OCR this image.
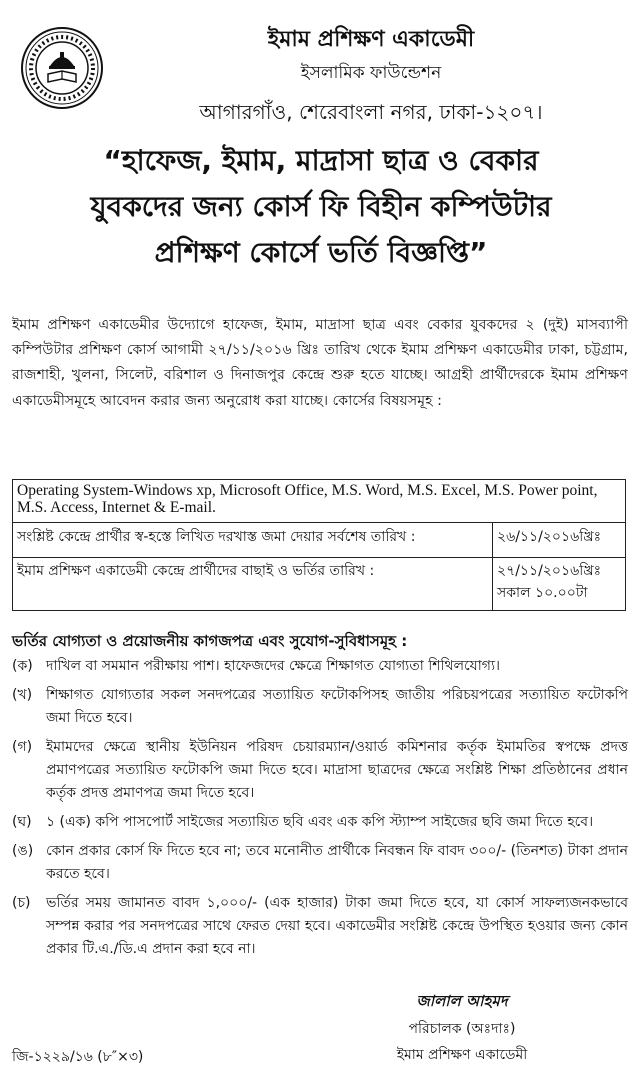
ইমাম প্রশিক্ষণ একাডেমী
ইসলামিক ফাউন্ডেশন
আগারগাঁও, শেরেবাংলা নগর, ঢাকা-১২০৭।
“হাফেজ, ইমাম, মাদ্রাসা ছাত্র ও বেকার
যুবকদের জন্য কোর্স ফি বিহীন কম্পিউটার
প্রশিক্ষণ কোর্সে ভর্তি বিজ্ঞপ্তি”
ইমাম প্রশিক্ষণ একাডেমীর উদ্যোগে হাফেজ, ইমাম, মাদ্রাসা ছাত্র এবং বেকার যুবকদের ২ (দুই) মাসব্যাপী কম্পিউটার প্রশিক্ষণ কোর্স আগামী ২৭/১১/২০১৬ খ্রিঃ তারিখ থেকে ইমাম প্রশিক্ষণ একাডেমীর ঢাকা, চট্টগ্রাম, রাজশাহী, খুলনা, সিলেট, বরিশাল ও দিনাজপুর কেন্দ্রে শুরু হতে যাচ্ছে। আগ্রহী প্রার্থীদেরকে ইমাম প্রশিক্ষণ একাডেমীসমূহে আবেদন করার জন্য অনুরোধ করা যাচ্ছে। কোর্সের বিষয়সমূহ :
Operating System-Windows xp, Microsoft Office, M.S. Word, M.S. Excel, M.S. Power point, M.S. Access, Internet & E-mail.	
সংশ্লিষ্ট কেন্দ্রে প্রার্থীর স্ব-হস্তে লিখিত দরখাস্ত জমা দেয়ার সর্বশেষ তারিখ :	২৬/১১/২০১৬খ্রিঃ
ইমাম প্রশিক্ষণ একাডেমী কেন্দ্রে প্রার্থীদের বাছাই ও ভর্তির তারিখ :	২৭/১১/২০১৬খ্রিঃ
সকাল ১০.০০টা
ভর্তির যোগ্যতা ও প্রয়োজনীয় কাগজপত্র এবং সুযোগ-সুবিধাসমূহ :
(ক) দাখিল বা সমমান পরীক্ষায় পাশ। হাফেজদের ক্ষেত্রে শিক্ষাগত যোগ্যতা শিথিলযোগ্য।
(খ) শিক্ষাগত যোগ্যতার সকল সনদপত্রের সত্যায়িত ফটোকপিসহ জাতীয় পরিচয়পত্রের সত্যায়িত ফটোকপি জমা দিতে হবে।
(গ) ইমামদের ক্ষেত্রে স্থানীয় ইউনিয়ন পরিষদ চেয়ারম্যান/ওয়ার্ড কমিশনার কর্তৃক ইমামতির স্বপক্ষে প্রদত্ত প্রমাণপত্রের সত্যায়িত ফটোকপি জমা দিতে হবে। মাদ্রাসা ছাত্রদের ক্ষেত্রে সংশ্লিষ্ট শিক্ষা প্রতিষ্ঠানের প্রধান কর্তৃক প্রদত্ত প্রমাণপত্র জমা দিতে হবে।
(ঘ)	১ (এক) কপি পাসপোর্ট সাইজের সত্যায়িত ছবি এবং এক কপি স্ট্যাম্প সাইজের ছবি জমা দিতে হবে।
(ঙ) কোন প্রকার কোর্স ফি দিতে হবে না; তবে মনোনীত প্রার্থীকে নিবন্ধন ফি বাবদ ৩০০/- (তিনশত) টাকা প্রদান করতে হবে।
(চ)	ভর্তির সময় জামানত বাবদ ১,০০০/- (এক হাজার) টাকা জমা দিতে হবে, যা কোর্স সাফল্যজনকভাবে সম্পন্ন করার পর সনদপত্রের সাথে ফেরত দেয়া হবে। একাডেমীর সংশ্লিষ্ট কেন্দ্রে উপস্থিত হওয়ার জন্য কোন প্রকার টি.এ./ডি.এ প্রদান করা হবে না।
জালাল আহমদ
পরিচালক (অঃদাঃ)
ইমাম প্রশিক্ষণ একাডেমী
জি-১২২৯/১৬ (৮″×৩)
